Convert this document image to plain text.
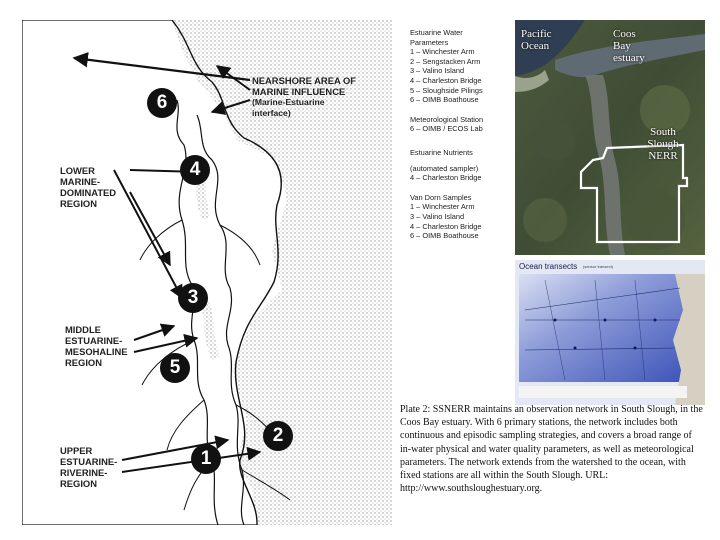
NEARSHORE AREA OF
MARINE INFLUENCE
(Marine-Estuarine
interface)
LOWER
MARINE-
DOMINATED
REGION
MIDDLE
ESTUARINE-
MESOHALINE
REGION
UPPER
ESTUARINE-
RIVERINE-
REGION
6
4
3
5
2
1
Estuarine Water Parameters
1 – Winchester Arm
2 – Sengstacken Arm
3 – Valino Island
4 – Charleston Bridge
5 – Sloughside Pilings
6 – OIMB Boathouse
Meteorological Station
6 – OIMB / ECOS Lab
Estuarine Nutrients
(automated sampler)
4 – Charleston Bridge
Van Dorn Samples
1 – Winchester Arm
3 – Valino Island
4 – Charleston Bridge
6 – OIMB Boathouse
Pacific Ocean
Coos Bay estuary
South Slough NERR
Ocean transects (sensor transect)
Plate 2: SSNERR maintains an observation network in South Slough, in the Coos Bay estuary. With 6 primary stations, the network includes both continuous and episodic sampling strategies, and covers a broad range of in-water physical and water quality parameters, as well as meteorological parameters. The network extends from the watershed to the ocean, with fixed stations are all within the South Slough. URL: http://www.southsloughestuary.org.
